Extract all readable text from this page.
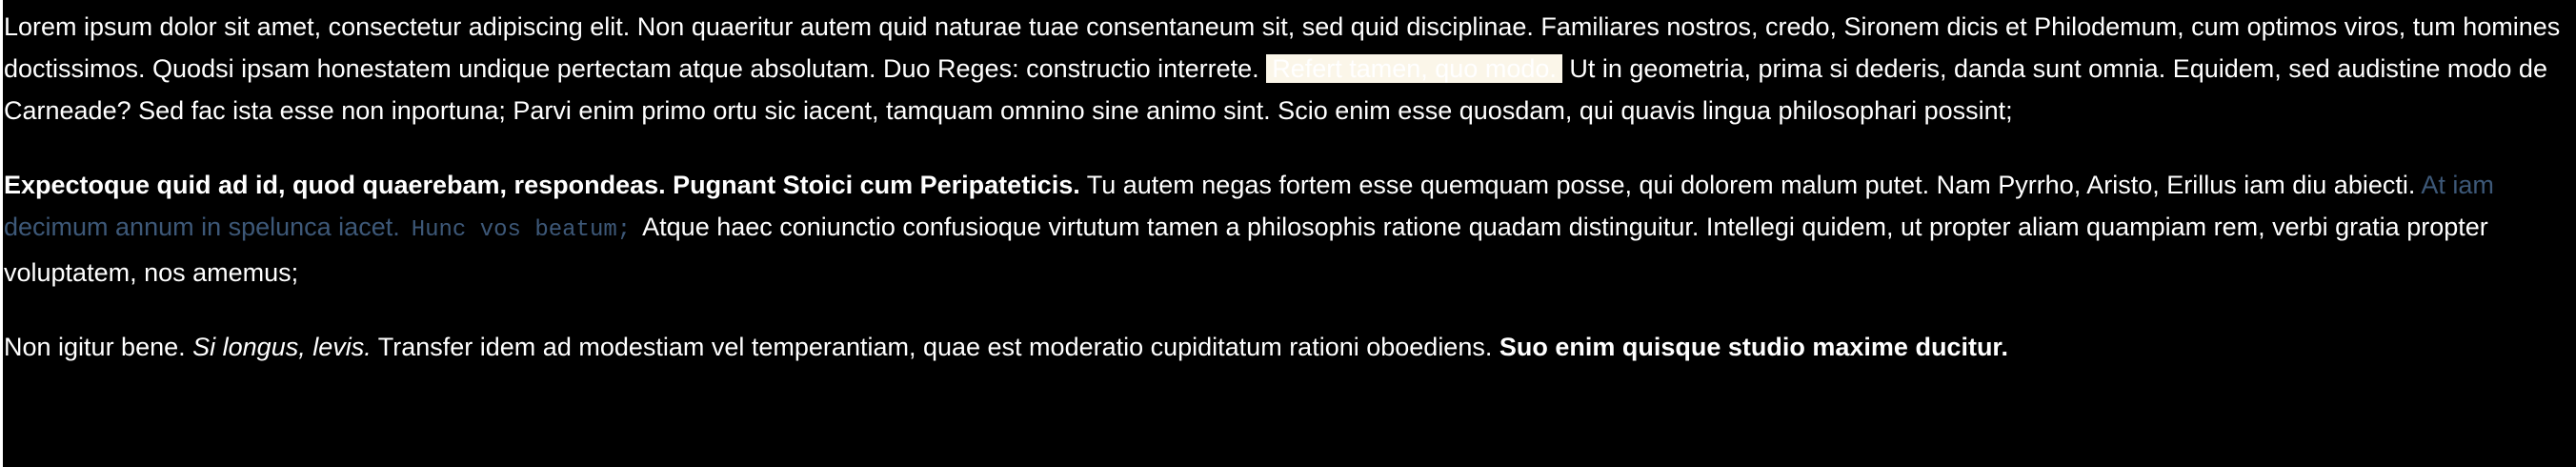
Lorem ipsum dolor sit amet, consectetur adipiscing elit. Non quaeritur autem quid naturae tuae consentaneum sit, sed quid disciplinae. Familiares nostros, credo, Sironem dicis et Philodemum, cum optimos viros, tum homines doctissimos. Quodsi ipsam honestatem undique pertectam atque absolutam. Duo Reges: constructio interrete. Refert tamen, quo modo. Ut in geometria, prima si dederis, danda sunt omnia. Equidem, sed audistine modo de Carneade? Sed fac ista esse non inportuna; Parvi enim primo ortu sic iacent, tamquam omnino sine animo sint. Scio enim esse quosdam, qui quavis lingua philosophari possint;

Expectoque quid ad id, quod quaerebam, respondeas. Pugnant Stoici cum Peripateticis. Tu autem negas fortem esse quemquam posse, qui dolorem malum putet. Nam Pyrrho, Aristo, Erillus iam diu abiecti. At iam decimum annum in spelunca iacet. Hunc vos beatum; Atque haec coniunctio confusioque virtutum tamen a philosophis ratione quadam distinguitur. Intellegi quidem, ut propter aliam quampiam rem, verbi gratia propter voluptatem, nos amemus;

Non igitur bene. Si longus, levis. Transfer idem ad modestiam vel temperantiam, quae est moderatio cupiditatum rationi oboediens. Suo enim quisque studio maxime ducitur.
